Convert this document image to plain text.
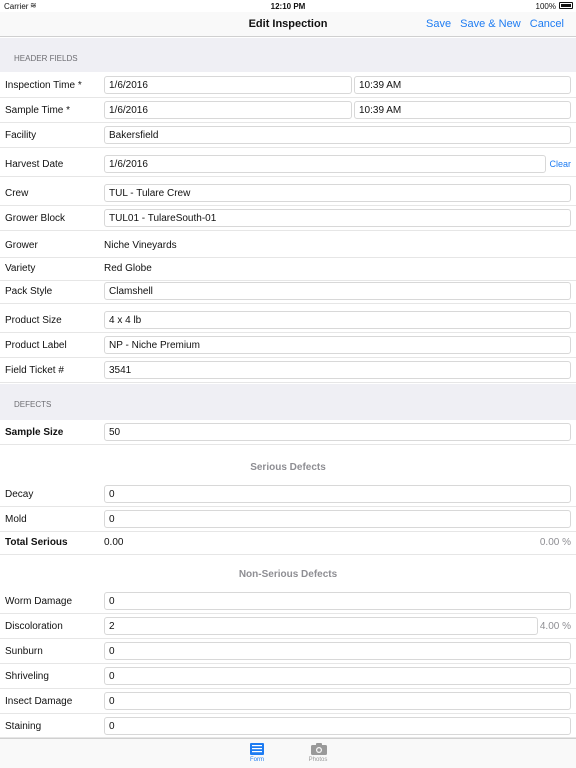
Carrier ≋	12:10 PM	100%
Edit Inspection	Save Save & New Cancel
HEADER FIELDS
Inspection Time *	1/6/2016	10:39 AM
Sample Time *	1/6/2016	10:39 AM
Facility	Bakersfield
Harvest Date	1/6/2016	Clear
Crew	TUL - Tulare Crew
Grower Block	TUL01 - TulareSouth-01
Grower	Niche Vineyards
Variety	Red Globe
Pack Style	Clamshell
Product Size	4 x 4 lb
Product Label	NP - Niche Premium
Field Ticket #	3541
DEFECTS
Sample Size	50
Serious Defects
Decay	0
Mold	0
Total Serious	0.00	0.00 %
Non-Serious Defects
Worm Damage	0
Discoloration	2	4.00 %
Sunburn	0
Shriveling	0
Insect Damage	0
Staining	0
Form	Photos
